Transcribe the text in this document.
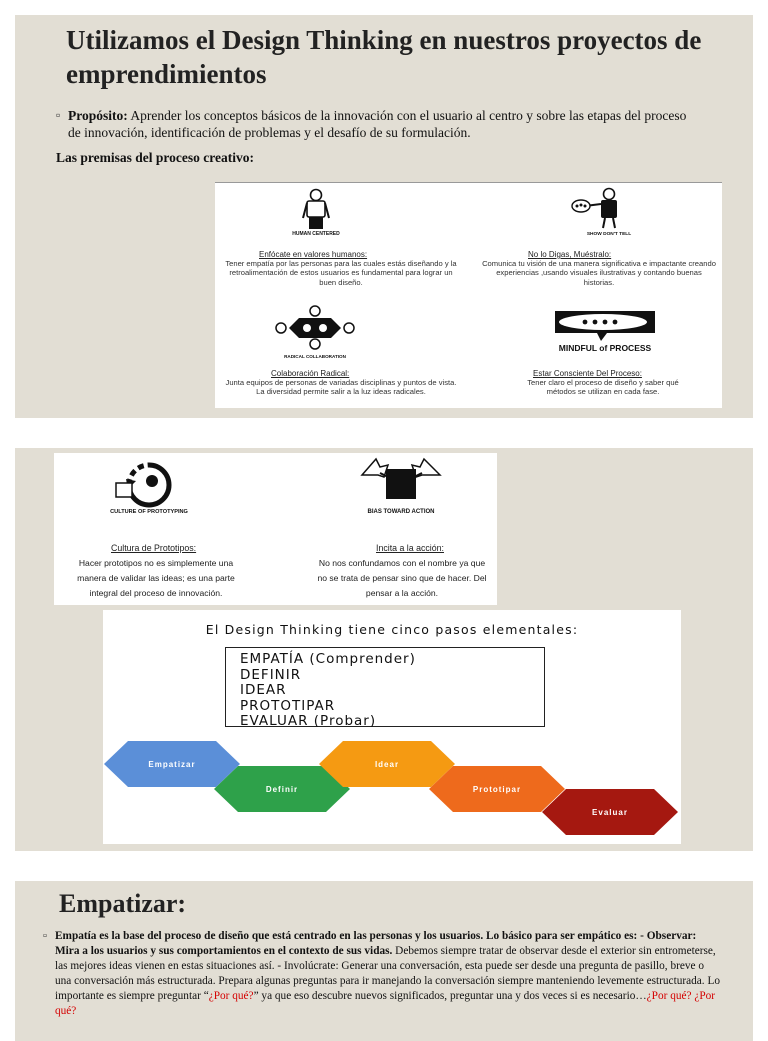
Utilizamos el Design Thinking en nuestros proyectos de emprendimientos
▫ Propósito: Aprender los conceptos básicos de la innovación con el usuario al centro y sobre las etapas del proceso de innovación, identificación de problemas y el desafío de su formulación.
Las premisas del proceso creativo:
HUMAN CENTERED
Enfócate en valores humanos:
Tener empatía por las personas para las cuales estás diseñando y la retroalimentación de estos usuarios es fundamental para lograr un buen diseño.
SHOW DON'T TELL
No lo Digas, Muéstralo:
Comunica tu visión de una manera significativa e impactante creando experiencias ,usando visuales ilustrativas y contando buenas historias.
RADICAL COLLABORATION
Colaboración Radical:
Junta equipos de personas de variadas disciplinas y puntos de vista. La diversidad permite salir a la luz ideas radicales.
MINDFUL of PROCESS
Estar Consciente Del Proceso:
Tener claro el proceso de diseño y saber qué métodos se utilizan en cada fase.
CULTURE OF PROTOTYPING
Cultura de Prototipos:
Hacer prototipos no es simplemente una manera de validar las ideas; es una parte integral del proceso de innovación.
BIAS TOWARD ACTION
Incita a la acción:
No nos confundamos con el nombre ya que no se trata de pensar sino que de hacer. Del pensar a la acción.
El Design Thinking tiene cinco pasos elementales:
EMPATÍA (Comprender)
DEFINIR
IDEAR
PROTOTIPAR
EVALUAR (Probar)
Empatizar
Definir
Idear
Prototipar
Evaluar
Empatizar:
▫ Empatía es la base del proceso de diseño que está centrado en las personas y los usuarios. Lo básico para ser empático es: - Observar: Mira a los usuarios y sus comportamientos en el contexto de sus vidas. Debemos siempre tratar de observar desde el exterior sin entrometerse, las mejores ideas vienen en estas situaciones así. - Involúcrate: Generar una conversación, esta puede ser desde una pregunta de pasillo, breve o una conversación más estructurada. Prepara algunas preguntas para ir manejando la conversación siempre manteniendo levemente estructurada. Lo importante es siempre preguntar “¿Por qué?” ya que eso descubre nuevos significados, preguntar una y dos veces si es necesario…¿Por qué? ¿Por qué?
